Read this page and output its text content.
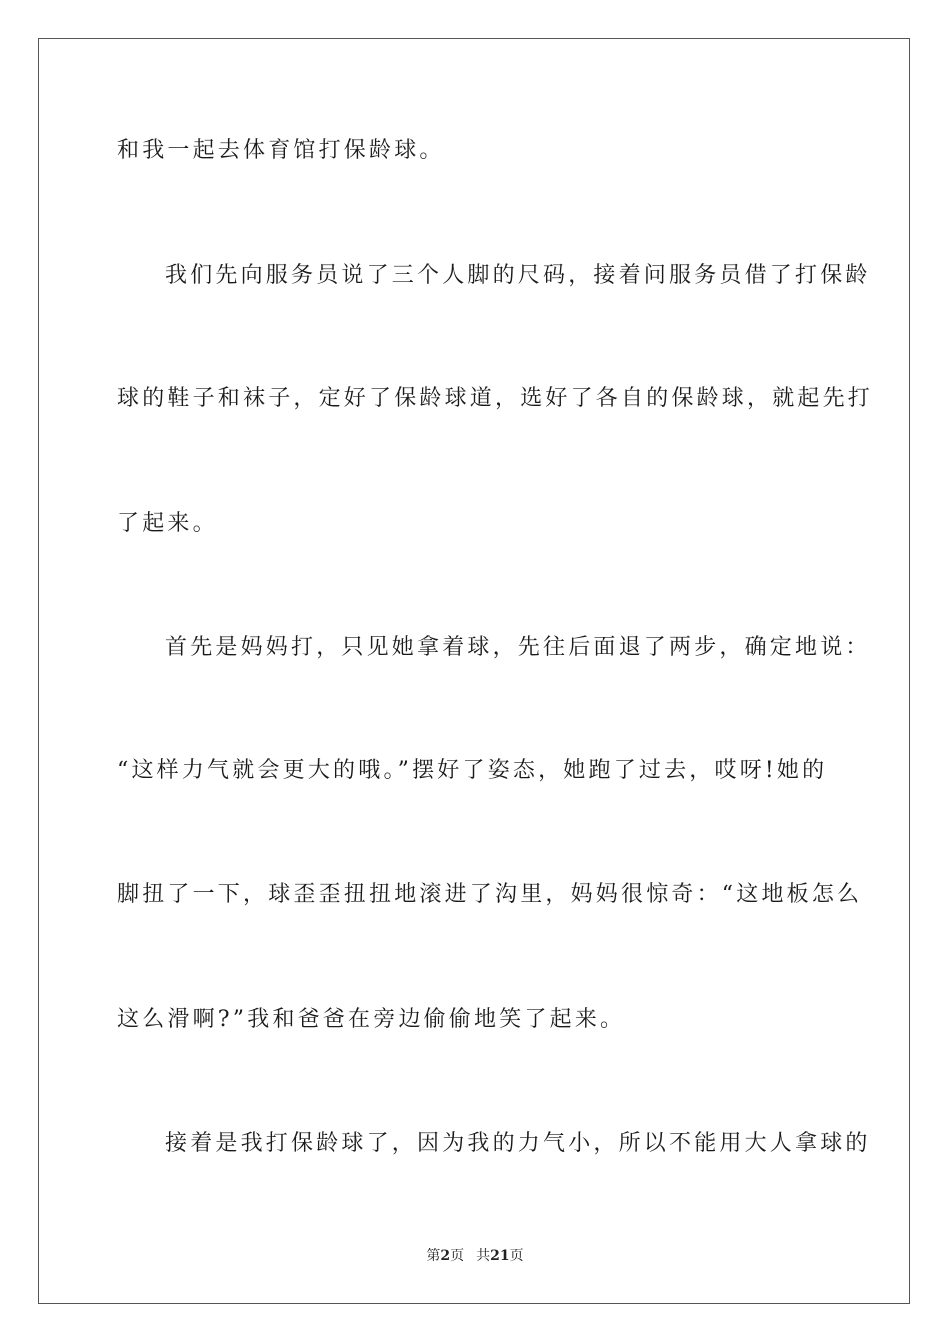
和我一起去体育馆打保龄球。
我们先向服务员说了三个人脚的尺码，接着问服务员借了打保龄
球的鞋子和袜子，定好了保龄球道，选好了各自的保龄球，就起先打
了起来。
首先是妈妈打，只见她拿着球，先往后面退了两步，确定地说：
“这样力气就会更大的哦。”摆好了姿态，她跑了过去，哎呀!她的
脚扭了一下，球歪歪扭扭地滚进了沟里，妈妈很惊奇：“这地板怎么
这么滑啊?”我和爸爸在旁边偷偷地笑了起来。
接着是我打保龄球了，因为我的力气小，所以不能用大人拿球的
第2页 共21页
